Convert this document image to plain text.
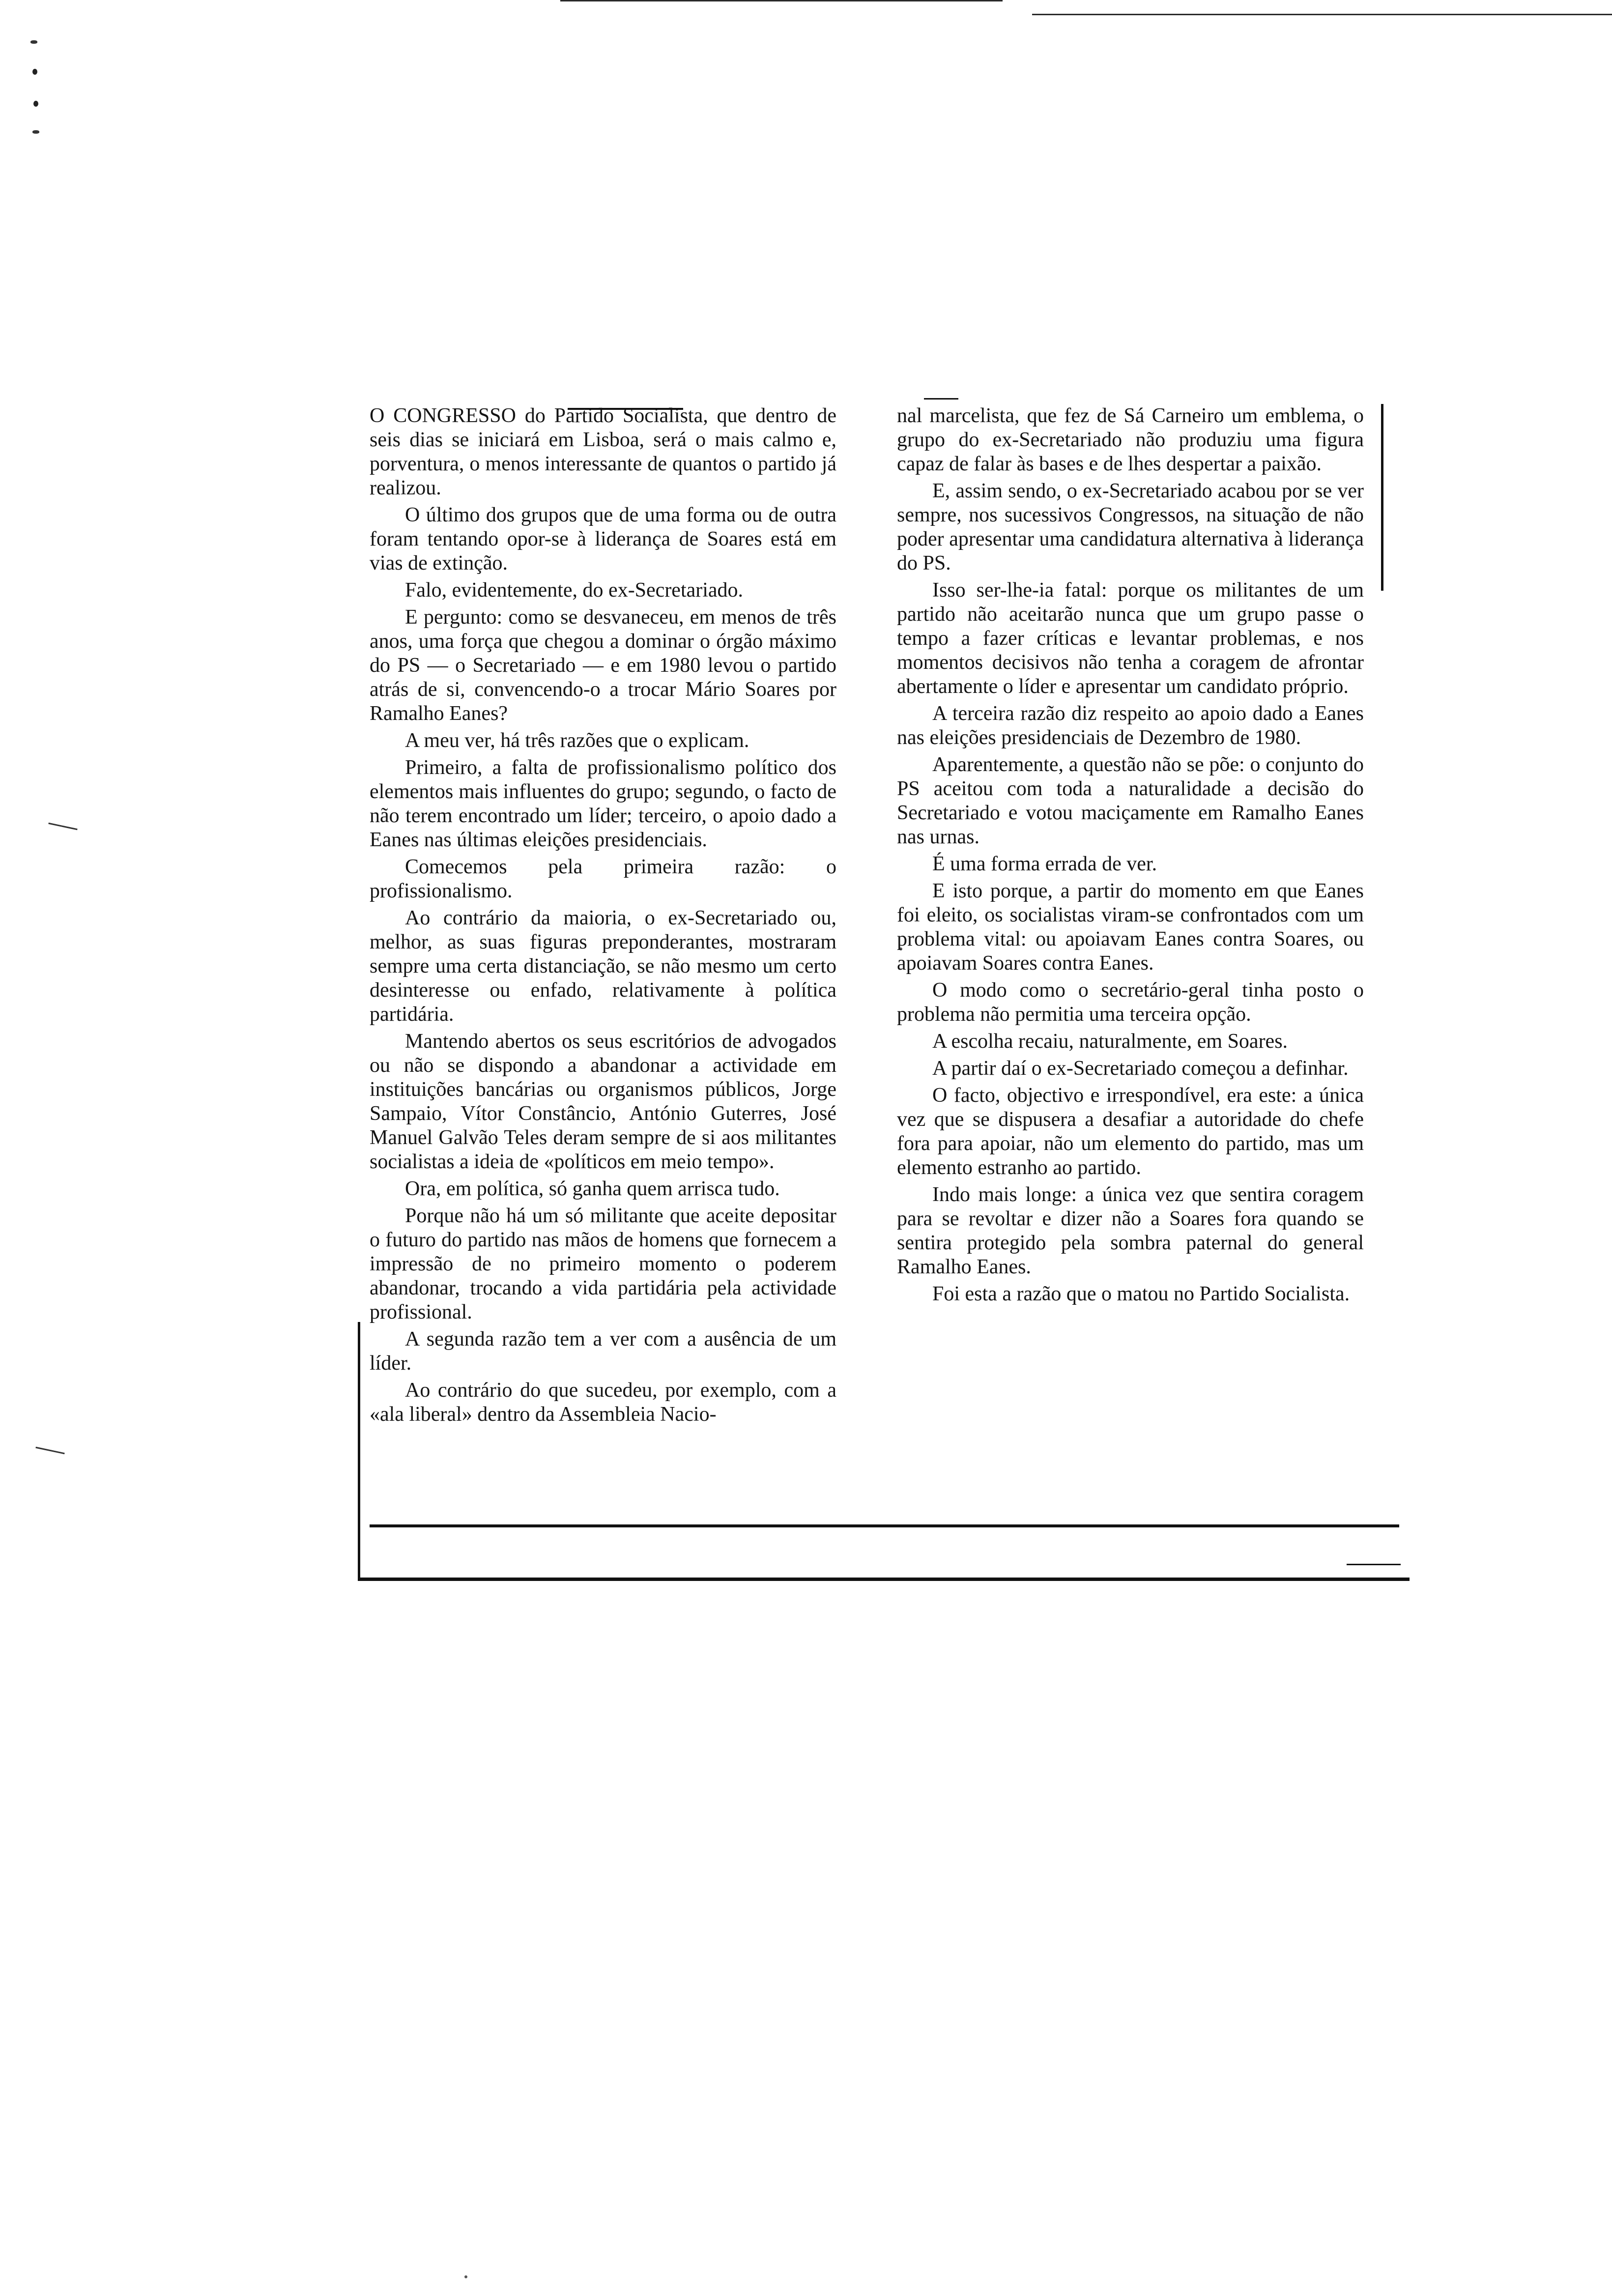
O CONGRESSO do Partido Socialista, que dentro de seis dias se iniciará em Lisboa, será o mais calmo e, porventura, o menos interessante de quantos o partido já realizou.

O último dos grupos que de uma forma ou de outra foram tentando opor-se à liderança de Soares está em vias de extinção.

Falo, evidentemente, do ex-Secretariado.

E pergunto: como se desvaneceu, em menos de três anos, uma força que chegou a dominar o órgão máximo do PS — o Secretariado — e em 1980 levou o partido atrás de si, convencendo-o a trocar Mário Soares por Ramalho Eanes?

A meu ver, há três razões que o explicam.

Primeiro, a falta de profissionalismo político dos elementos mais influentes do grupo; segundo, o facto de não terem encontrado um líder; terceiro, o apoio dado a Eanes nas últimas eleições presidenciais.

Comecemos pela primeira razão: o profissionalismo.

Ao contrário da maioria, o ex-Secretariado ou, melhor, as suas figuras preponderantes, mostraram sempre uma certa distanciação, se não mesmo um certo desinteresse ou enfado, relativamente à política partidária.

Mantendo abertos os seus escritórios de advogados ou não se dispondo a abandonar a actividade em instituições bancárias ou organismos públicos, Jorge Sampaio, Vítor Constâncio, António Guterres, José Manuel Galvão Teles deram sempre de si aos militantes socialistas a ideia de «políticos em meio tempo».

Ora, em política, só ganha quem arrisca tudo.

Porque não há um só militante que aceite depositar o futuro do partido nas mãos de homens que fornecem a impressão de no primeiro momento o poderem abandonar, trocando a vida partidária pela actividade profissional.

A segunda razão tem a ver com a ausência de um líder.

Ao contrário do que sucedeu, por exemplo, com a «ala liberal» dentro da Assembleia Nacio-

nal marcelista, que fez de Sá Carneiro um emblema, o grupo do ex-Secretariado não produziu uma figura capaz de falar às bases e de lhes despertar a paixão.

E, assim sendo, o ex-Secretariado acabou por se ver sempre, nos sucessivos Congressos, na situação de não poder apresentar uma candidatura alternativa à liderança do PS.

Isso ser-lhe-ia fatal: porque os militantes de um partido não aceitarão nunca que um grupo passe o tempo a fazer críticas e levantar problemas, e nos momentos decisivos não tenha a coragem de afrontar abertamente o líder e apresentar um candidato próprio.

A terceira razão diz respeito ao apoio dado a Eanes nas eleições presidenciais de Dezembro de 1980.

Aparentemente, a questão não se põe: o conjunto do PS aceitou com toda a naturalidade a decisão do Secretariado e votou maciçamente em Ramalho Eanes nas urnas.

É uma forma errada de ver.

E isto porque, a partir do momento em que Eanes foi eleito, os socialistas viram-se confrontados com um problema vital: ou apoiavam Eanes contra Soares, ou apoiavam Soares contra Eanes.

O modo como o secretário-geral tinha posto o problema não permitia uma terceira opção.

A escolha recaiu, naturalmente, em Soares.

A partir daí o ex-Secretariado começou a definhar.

O facto, objectivo e irrespondível, era este: a única vez que se dispusera a desafiar a autoridade do chefe fora para apoiar, não um elemento do partido, mas um elemento estranho ao partido.

Indo mais longe: a única vez que sentira coragem para se revoltar e dizer não a Soares fora quando se sentira protegido pela sombra paternal do general Ramalho Eanes.

Foi esta a razão que o matou no Partido Socialista.
